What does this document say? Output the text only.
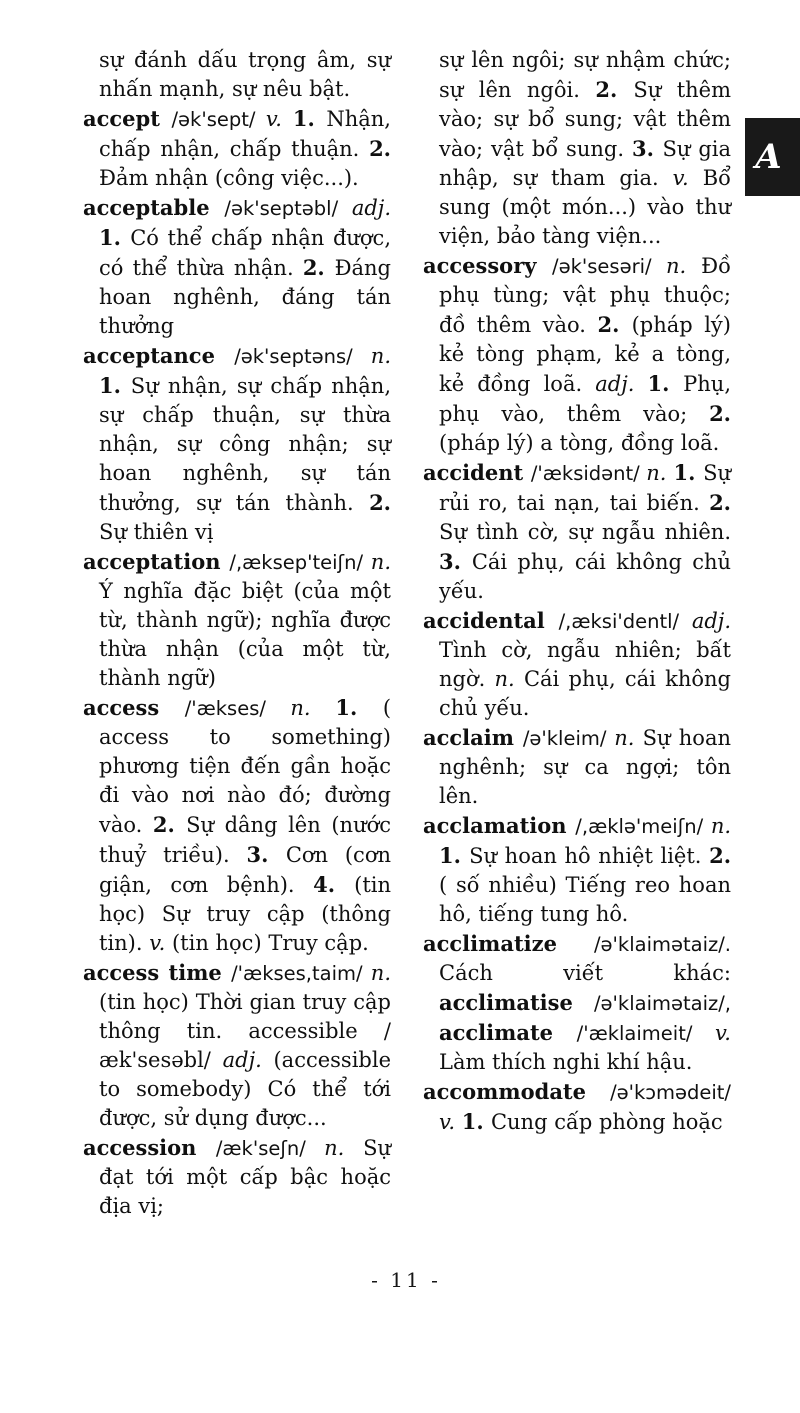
sự đánh dấu trọng âm, sự nhấn mạnh, sự nêu bật.

accept /ək'sept/ v. 1. Nhận, chấp nhận, chấp thuận. 2. Đảm nhận (công việc...).

acceptable /ək'septəbl/ adj. 1. Có thể chấp nhận được, có thể thừa nhận. 2. Đáng hoan nghênh, đáng tán thưởng

acceptance /ək'septəns/ n. 1. Sự nhận, sự chấp nhận, sự chấp thuận, sự thừa nhận, sự công nhận; sự hoan nghênh, sự tán thưởng, sự tán thành. 2. Sự thiên vị

acceptation /,æksep'teiʃn/ n. Ý nghĩa đặc biệt (của một từ, thành ngữ); nghĩa được thừa nhận (của một từ, thành ngữ)

access /'ækses/ n. 1. ( access to something) phương tiện đến gần hoặc đi vào nơi nào đó; đường vào. 2. Sự dâng lên (nước thuỷ triều). 3. Cơn (cơn giận, cơn bệnh). 4. (tin học) Sự truy cập (thông tin). v. (tin học) Truy cập.

access time /'ækses,taim/ n. (tin học) Thời gian truy cập thông tin. accessible / æk'sesəbl/ adj. (accessible to somebody) Có thể tới được, sử dụng được...

accession /æk'seʃn/ n. Sự đạt tới một cấp bậc hoặc địa vị;

sự lên ngôi; sự nhậm chức; sự lên ngôi. 2. Sự thêm vào; sự bổ sung; vật thêm vào; vật bổ sung. 3. Sự gia nhập, sự tham gia. v. Bổ sung (một món...) vào thư viện, bảo tàng viện...

accessory /ək'sesəri/ n. Đồ phụ tùng; vật phụ thuộc; đồ thêm vào. 2. (pháp lý) kẻ tòng phạm, kẻ a tòng, kẻ đồng loã. adj. 1. Phụ, phụ vào, thêm vào; 2. (pháp lý) a tòng, đồng loã.

accident /'æksidənt/ n. 1. Sự rủi ro, tai nạn, tai biến. 2. Sự tình cờ, sự ngẫu nhiên. 3. Cái phụ, cái không chủ yếu.

accidental /,æksi'dentl/ adj. Tình cờ, ngẫu nhiên; bất ngờ. n. Cái phụ, cái không chủ yếu.

acclaim /ə'kleim/ n. Sự hoan nghênh; sự ca ngợi; tôn lên.

acclamation /,æklə'meiʃn/ n. 1. Sự hoan hô nhiệt liệt. 2. ( số nhiều) Tiếng reo hoan hô, tiếng tung hô.

acclimatize /ə'klaimətaiz/. Cách viết khác: acclimatise /ə'klaimətaiz/, acclimate /'æklaimeit/ v. Làm thích nghi khí hậu.

accommodate /ə'kɔmədeit/ v. 1. Cung cấp phòng hoặc

A
- 11 -
